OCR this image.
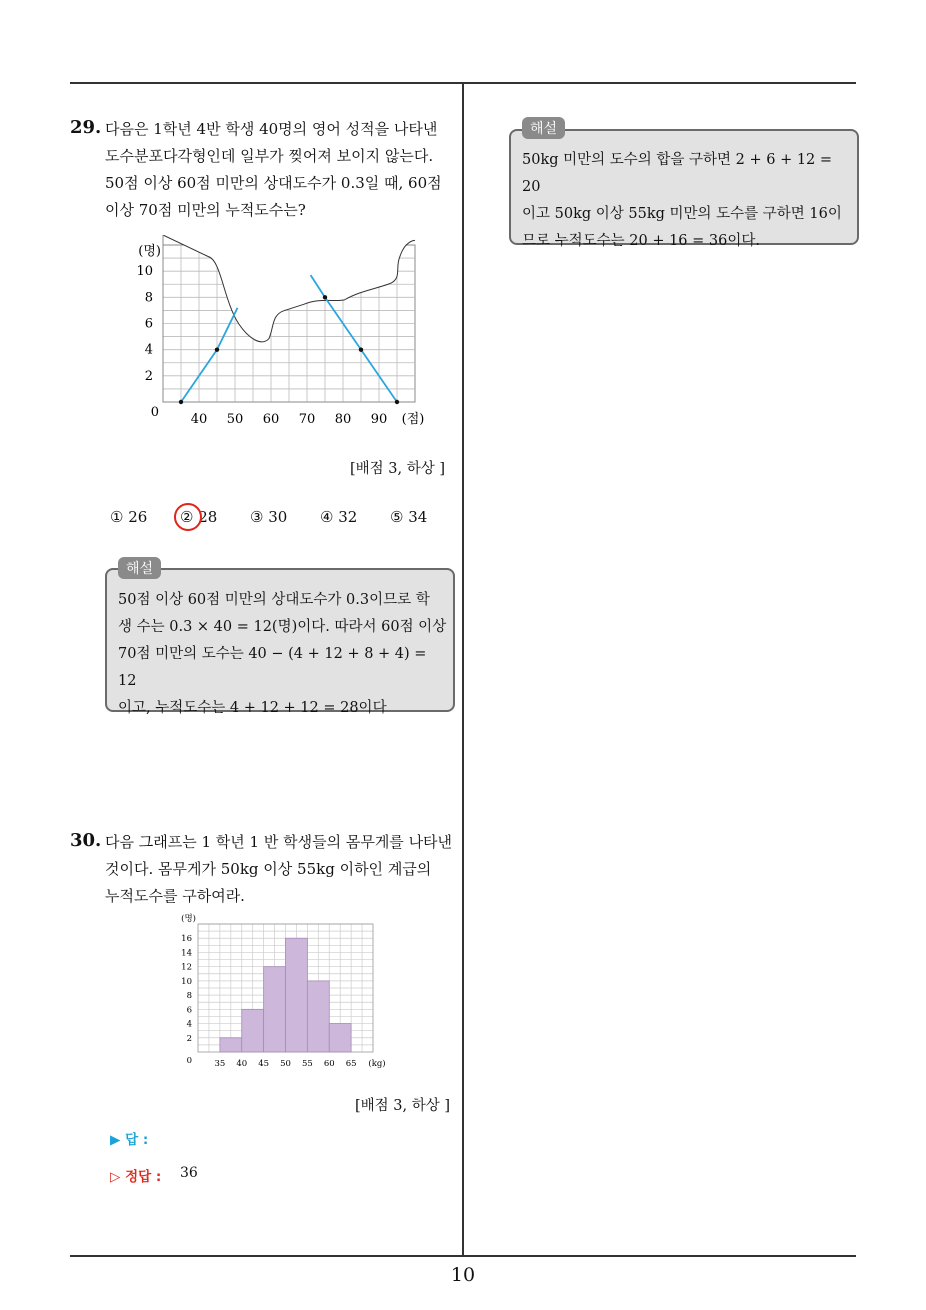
10
29. 다음은 1학년 4반 학생 40명의 영어 성적을 나타낸
도수분포다각형인데 일부가 찢어져 보이지 않는다.
50점 이상 60점 미만의 상대도수가 0.3일 때, 60점
이상 70점 미만의 누적도수는?
2
4
6
8
10
40 50 60 70 80 90
0
(명)
(점)
[배점 3, 하상 ]
① 26 ② 28 ③ 30 ④ 32 ⑤ 34
해설
50점 이상 60점 미만의 상대도수가 0.3이므로 학
생 수는 0.3 × 40 = 12(명)이다. 따라서 60점 이상
70점 미만의 도수는 40 − (4 + 12 + 8 + 4) = 12
이고, 누적도수는 4 + 12 + 12 = 28이다
30. 다음 그래프는 1 학년 1 반 학생들의 몸무게를 나타낸
것이다. 몸무게가 50kg 이상 55kg 이하인 계급의
누적도수를 구하여라.
2
4
6
8
10
12
14
16
35 40 45 50 55 60 65
0
(명)
(kg)
[배점 3, 하상 ]
▶ 답 :
▷ 정답 : 36
해설
50kg 미만의 도수의 합을 구하면 2 + 6 + 12 = 20
이고 50kg 이상 55kg 미만의 도수를 구하면 16이
므로 누적도수는 20 + 16 = 36이다.
